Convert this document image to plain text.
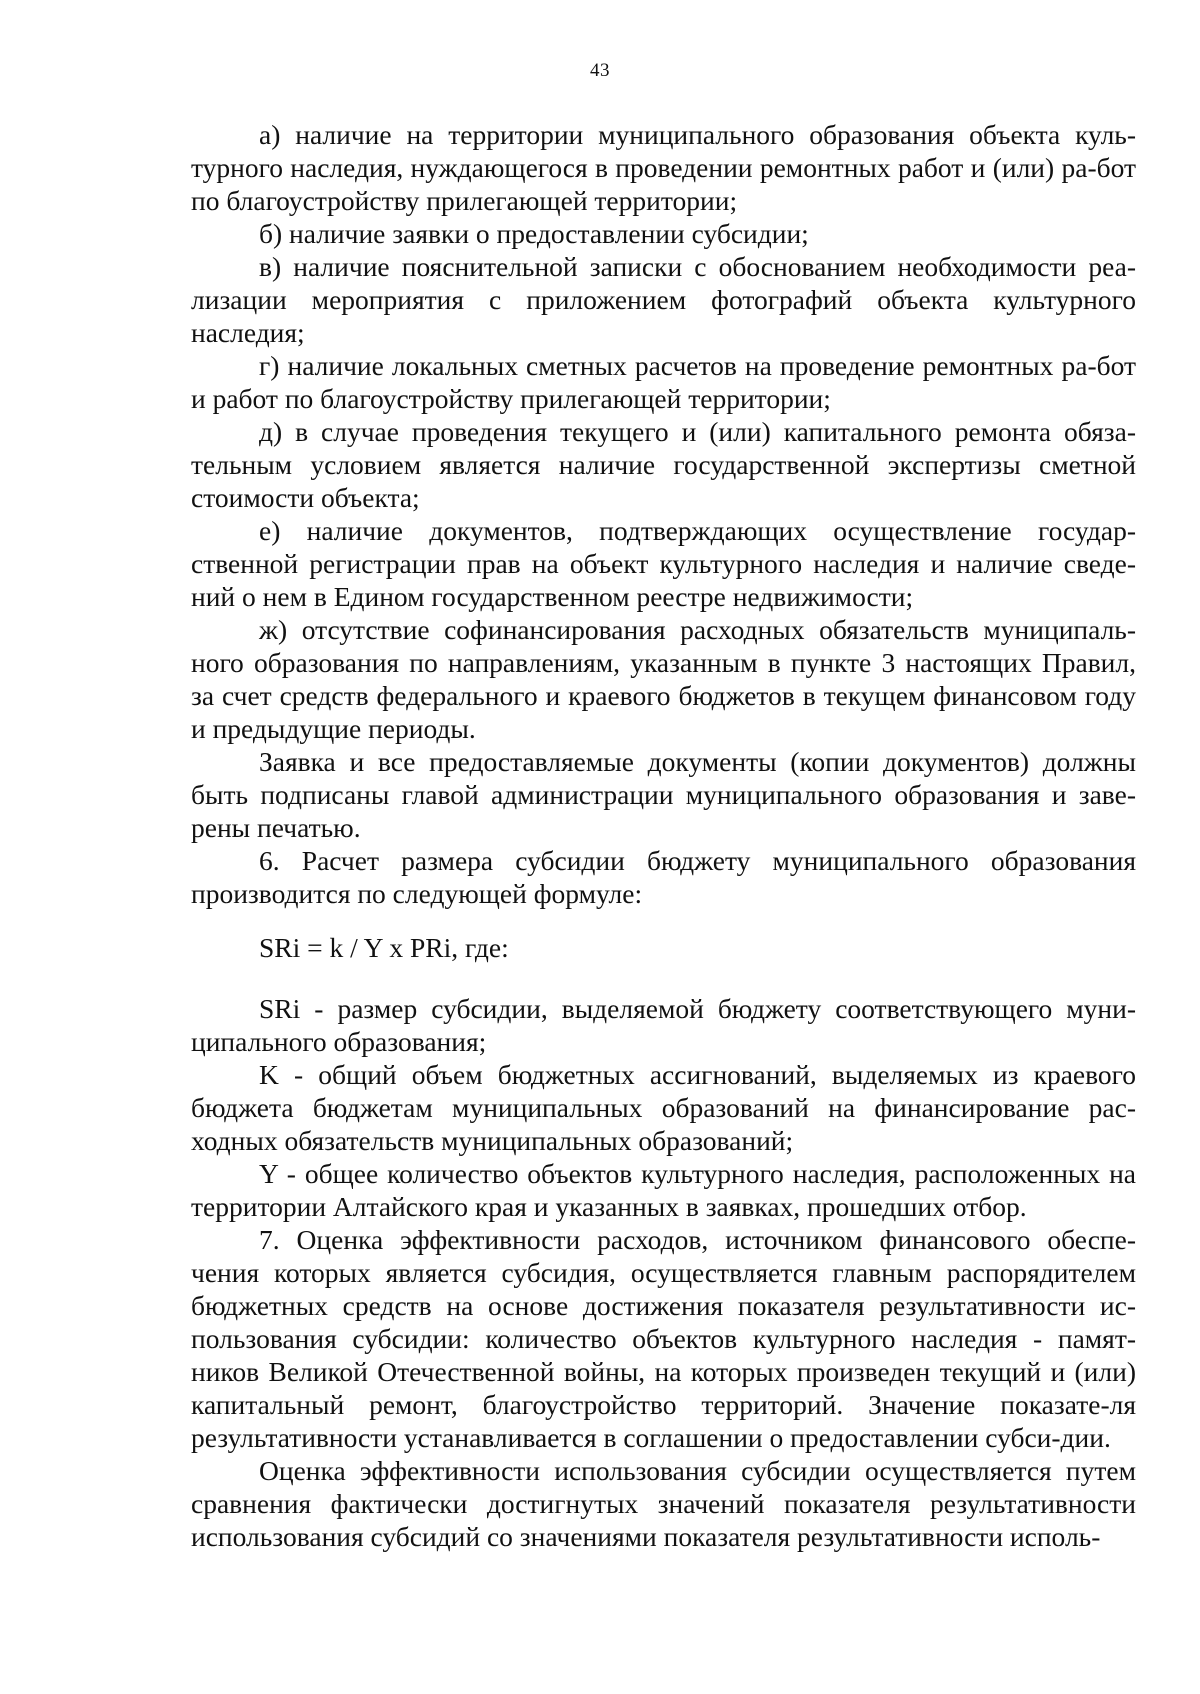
43

а) наличие на территории муниципального образования объекта куль-турного наследия, нуждающегося в проведении ремонтных работ и (или) ра-бот по благоустройству прилегающей территории;

б) наличие заявки о предоставлении субсидии;

в) наличие пояснительной записки с обоснованием необходимости реа-лизации мероприятия с приложением фотографий объекта культурного наследия;

г) наличие локальных сметных расчетов на проведение ремонтных ра-бот и работ по благоустройству прилегающей территории;

д) в случае проведения текущего и (или) капитального ремонта обяза-тельным условием является наличие государственной экспертизы сметной стоимости объекта;

е) наличие документов, подтверждающих осуществление государ-ственной регистрации прав на объект культурного наследия и наличие сведе-ний о нем в Едином государственном реестре недвижимости;

ж) отсутствие софинансирования расходных обязательств муниципаль-ного образования по направлениям, указанным в пункте 3 настоящих Правил, за счет средств федерального и краевого бюджетов в текущем финансовом году и предыдущие периоды.

Заявка и все предоставляемые документы (копии документов) должны быть подписаны главой администрации муниципального образования и заве-рены печатью.

6. Расчет размера субсидии бюджету муниципального образования производится по следующей формуле:

SRi = k / Y x PRi, где:

SRi - размер субсидии, выделяемой бюджету соответствующего муни-ципального образования;

K - общий объем бюджетных ассигнований, выделяемых из краевого бюджета бюджетам муниципальных образований на финансирование рас-ходных обязательств муниципальных образований;

Y - общее количество объектов культурного наследия, расположенных на территории Алтайского края и указанных в заявках, прошедших отбор.

7. Оценка эффективности расходов, источником финансового обеспе-чения которых является субсидия, осуществляется главным распорядителем бюджетных средств на основе достижения показателя результативности ис-пользования субсидии: количество объектов культурного наследия - памят-ников Великой Отечественной войны, на которых произведен текущий и (или) капитальный ремонт, благоустройство территорий. Значение показате-ля результативности устанавливается в соглашении о предоставлении субси-дии.

Оценка эффективности использования субсидии осуществляется путем сравнения фактически достигнутых значений показателя результативности использования субсидий со значениями показателя результативности исполь-
